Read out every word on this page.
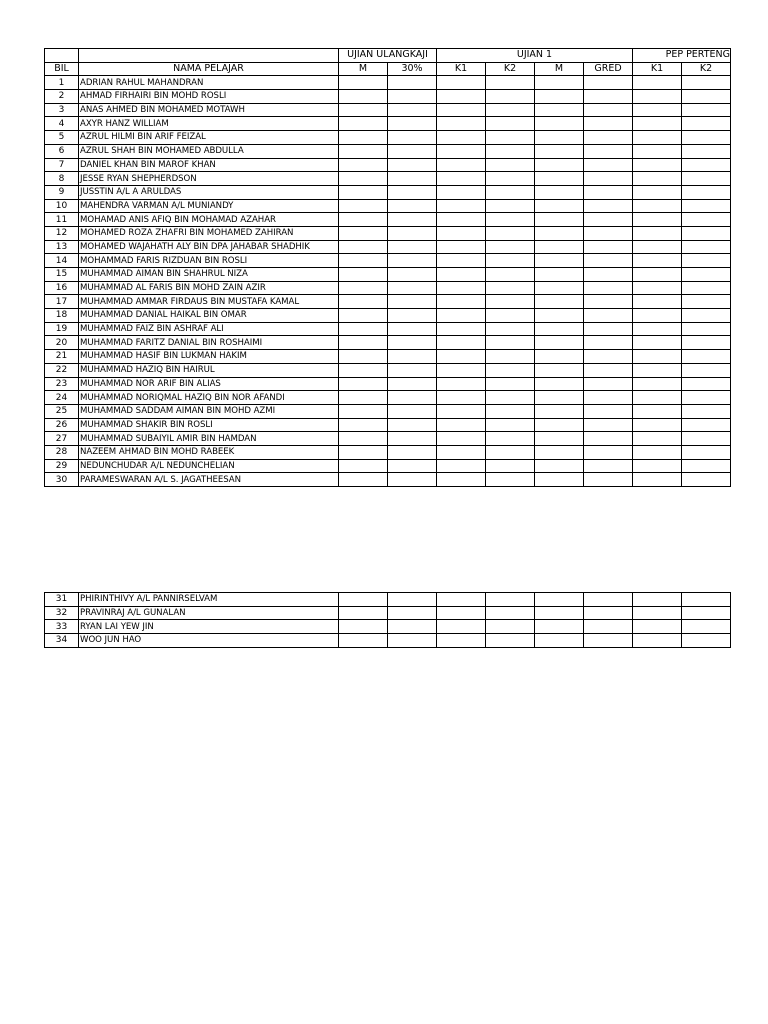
		UJIAN ULANGKAJI		UJIAN 1				PEP PERTENG	
BIL	NAMA PELAJAR	M	30%	K1	K2	M	GRED	K1	K2
1	ADRIAN RAHUL MAHANDRAN								
2	AHMAD FIRHAIRI BIN MOHD ROSLI								
3	ANAS AHMED BIN MOHAMED MOTAWH								
4	AXYR HANZ WILLIAM								
5	AZRUL HILMI BIN ARIF FEIZAL								
6	AZRUL SHAH BIN MOHAMED ABDULLA								
7	DANIEL KHAN BIN MAROF KHAN								
8	JESSE RYAN SHEPHERDSON								
9	JUSSTIN A/L A ARULDAS								
10	MAHENDRA VARMAN A/L MUNIANDY								
11	MOHAMAD ANIS AFIQ BIN MOHAMAD AZAHAR								
12	MOHAMED ROZA ZHAFRI BIN MOHAMED ZAHIRAN								
13	MOHAMED WAJAHATH ALY BIN DPA JAHABAR SHADHIK								
14	MOHAMMAD FARIS RIZDUAN BIN ROSLI								
15	MUHAMMAD AIMAN BIN SHAHRUL NIZA								
16	MUHAMMAD AL FARIS BIN MOHD ZAIN AZIR								
17	MUHAMMAD AMMAR FIRDAUS BIN MUSTAFA KAMAL								
18	MUHAMMAD DANIAL HAIKAL BIN OMAR								
19	MUHAMMAD FAIZ BIN ASHRAF ALI								
20	MUHAMMAD FARITZ DANIAL BIN ROSHAIMI								
21	MUHAMMAD HASIF BIN LUKMAN HAKIM								
22	MUHAMMAD HAZIQ BIN HAIRUL								
23	MUHAMMAD NOR ARIF BIN ALIAS								
24	MUHAMMAD NORIQMAL HAZIQ BIN NOR AFANDI								
25	MUHAMMAD SADDAM AIMAN BIN MOHD AZMI								
26	MUHAMMAD SHAKIR BIN ROSLI								
27	MUHAMMAD SUBAIYIL AMIR BIN HAMDAN								
28	NAZEEM AHMAD BIN MOHD RABEEK								
29	NEDUNCHUDAR A/L NEDUNCHELIAN								
30	PARAMESWARAN A/L S. JAGATHEESAN								
31	PHIRINTHIVY A/L PANNIRSELVAM								
32	PRAVINRAJ A/L GUNALAN								
33	RYAN LAI YEW JIN								
34	WOO JUN HAO								
